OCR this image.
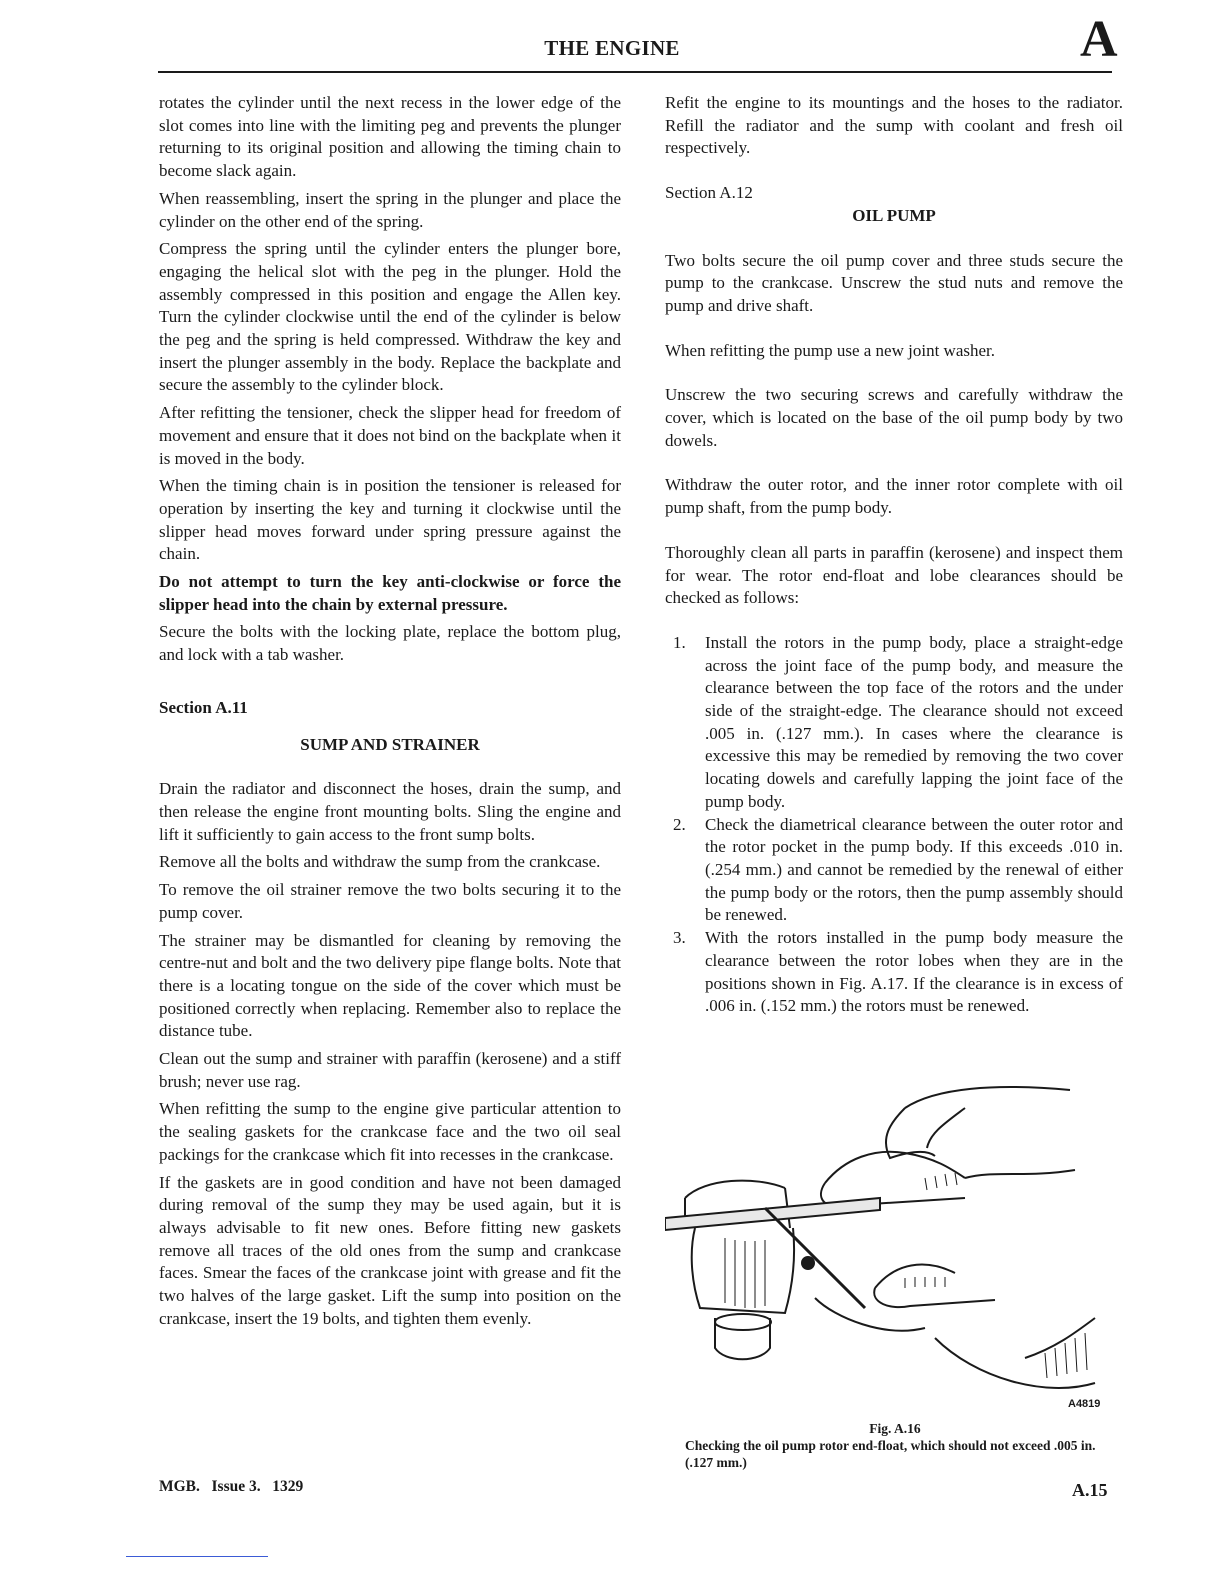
THE ENGINE	A

rotates the cylinder until the next recess in the lower edge of the slot comes into line with the limiting peg and prevents the plunger returning to its original position and allowing the timing chain to become slack again.

When reassembling, insert the spring in the plunger and place the cylinder on the other end of the spring.

Compress the spring until the cylinder enters the plunger bore, engaging the helical slot with the peg in the plunger. Hold the assembly compressed in this position and engage the Allen key. Turn the cylinder clockwise until the end of the cylinder is below the peg and the spring is held compressed. Withdraw the key and insert the plunger assembly in the body. Replace the backplate and secure the assembly to the cylinder block.

After refitting the tensioner, check the slipper head for freedom of movement and ensure that it does not bind on the backplate when it is moved in the body.

When the timing chain is in position the tensioner is released for operation by inserting the key and turning it clockwise until the slipper head moves forward under spring pressure against the chain.

Do not attempt to turn the key anti-clockwise or force the slipper head into the chain by external pressure.

Secure the bolts with the locking plate, replace the bottom plug, and lock with a tab washer.

Section A.11

SUMP AND STRAINER

Drain the radiator and disconnect the hoses, drain the sump, and then release the engine front mounting bolts. Sling the engine and lift it sufficiently to gain access to the front sump bolts.

Remove all the bolts and withdraw the sump from the crankcase.

To remove the oil strainer remove the two bolts securing it to the pump cover.

The strainer may be dismantled for cleaning by removing the centre-nut and bolt and the two delivery pipe flange bolts. Note that there is a locating tongue on the side of the cover which must be positioned correctly when replacing. Remember also to replace the distance tube.

Clean out the sump and strainer with paraffin (kerosene) and a stiff brush; never use rag.

When refitting the sump to the engine give particular attention to the sealing gaskets for the crankcase face and the two oil seal packings for the crankcase which fit into recesses in the crankcase.

If the gaskets are in good condition and have not been damaged during removal of the sump they may be used again, but it is always advisable to fit new ones. Before fitting new gaskets remove all traces of the old ones from the sump and crankcase faces. Smear the faces of the crankcase joint with grease and fit the two halves of the large gasket. Lift the sump into position on the crankcase, insert the 19 bolts, and tighten them evenly.

Refit the engine to its mountings and the hoses to the radiator. Refill the radiator and the sump with coolant and fresh oil respectively.

Section A.12

OIL PUMP

Two bolts secure the oil pump cover and three studs secure the pump to the crankcase. Unscrew the stud nuts and remove the pump and drive shaft.

When refitting the pump use a new joint washer.

Unscrew the two securing screws and carefully withdraw the cover, which is located on the base of the oil pump body by two dowels.

Withdraw the outer rotor, and the inner rotor complete with oil pump shaft, from the pump body.

Thoroughly clean all parts in paraffin (kerosene) and inspect them for wear. The rotor end-float and lobe clearances should be checked as follows:

1. Install the rotors in the pump body, place a straight-edge across the joint face of the pump body, and measure the clearance between the top face of the rotors and the under side of the straight-edge. The clearance should not exceed .005 in. (.127 mm.). In cases where the clearance is excessive this may be remedied by removing the two cover locating dowels and carefully lapping the joint face of the pump body.
2. Check the diametrical clearance between the outer rotor and the rotor pocket in the pump body. If this exceeds .010 in. (.254 mm.) and cannot be remedied by the renewal of either the pump body or the rotors, then the pump assembly should be renewed.
3. With the rotors installed in the pump body measure the clearance between the rotor lobes when they are in the positions shown in Fig. A.17. If the clearance is in excess of .006 in. (.152 mm.) the rotors must be renewed.
A4819
Fig. A.16
Checking the oil pump rotor end-float, which should not exceed .005 in. (.127 mm.)
MGB.   Issue 3.   1329	A.15
